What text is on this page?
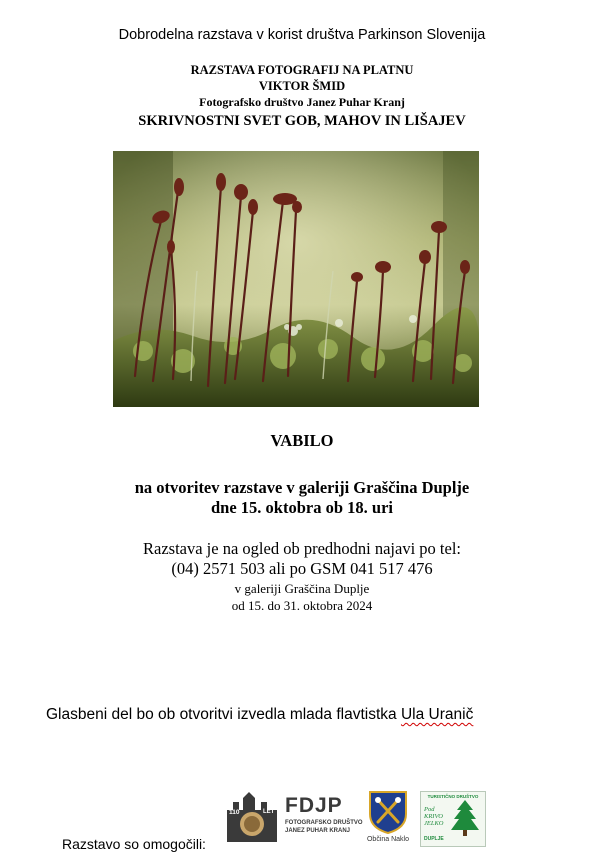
Dobrodelna razstava v korist društva Parkinson Slovenija
RAZSTAVA FOTOGRAFIJ NA PLATNU
VIKTOR ŠMID
Fotografsko društvo Janez Puhar Kranj
SKRIVNOSTNI SVET GOB, MAHOV IN LIŠAJEV
VABILO
na otvoritev razstave v galeriji Graščina Duplje
dne 15. oktobra ob 18. uri
Razstava je na ogled ob predhodni najavi po tel:
(04) 2571 503 ali po GSM 041 517 476
v galeriji Graščina Duplje
od 15. do 31. oktobra 2024
Glasbeni del bo ob otvoritvi izvedla mlada flavtistka Ula Uranič
Razstavo so omogočili:
110	LET FDJP
FOTOGRAFSKO DRUŠTVO
JANEZ PUHAR KRANJ
Občina Naklo
TURISTIČNO DRUŠTVO
Pod KRIVO JELKO
DUPLJE
